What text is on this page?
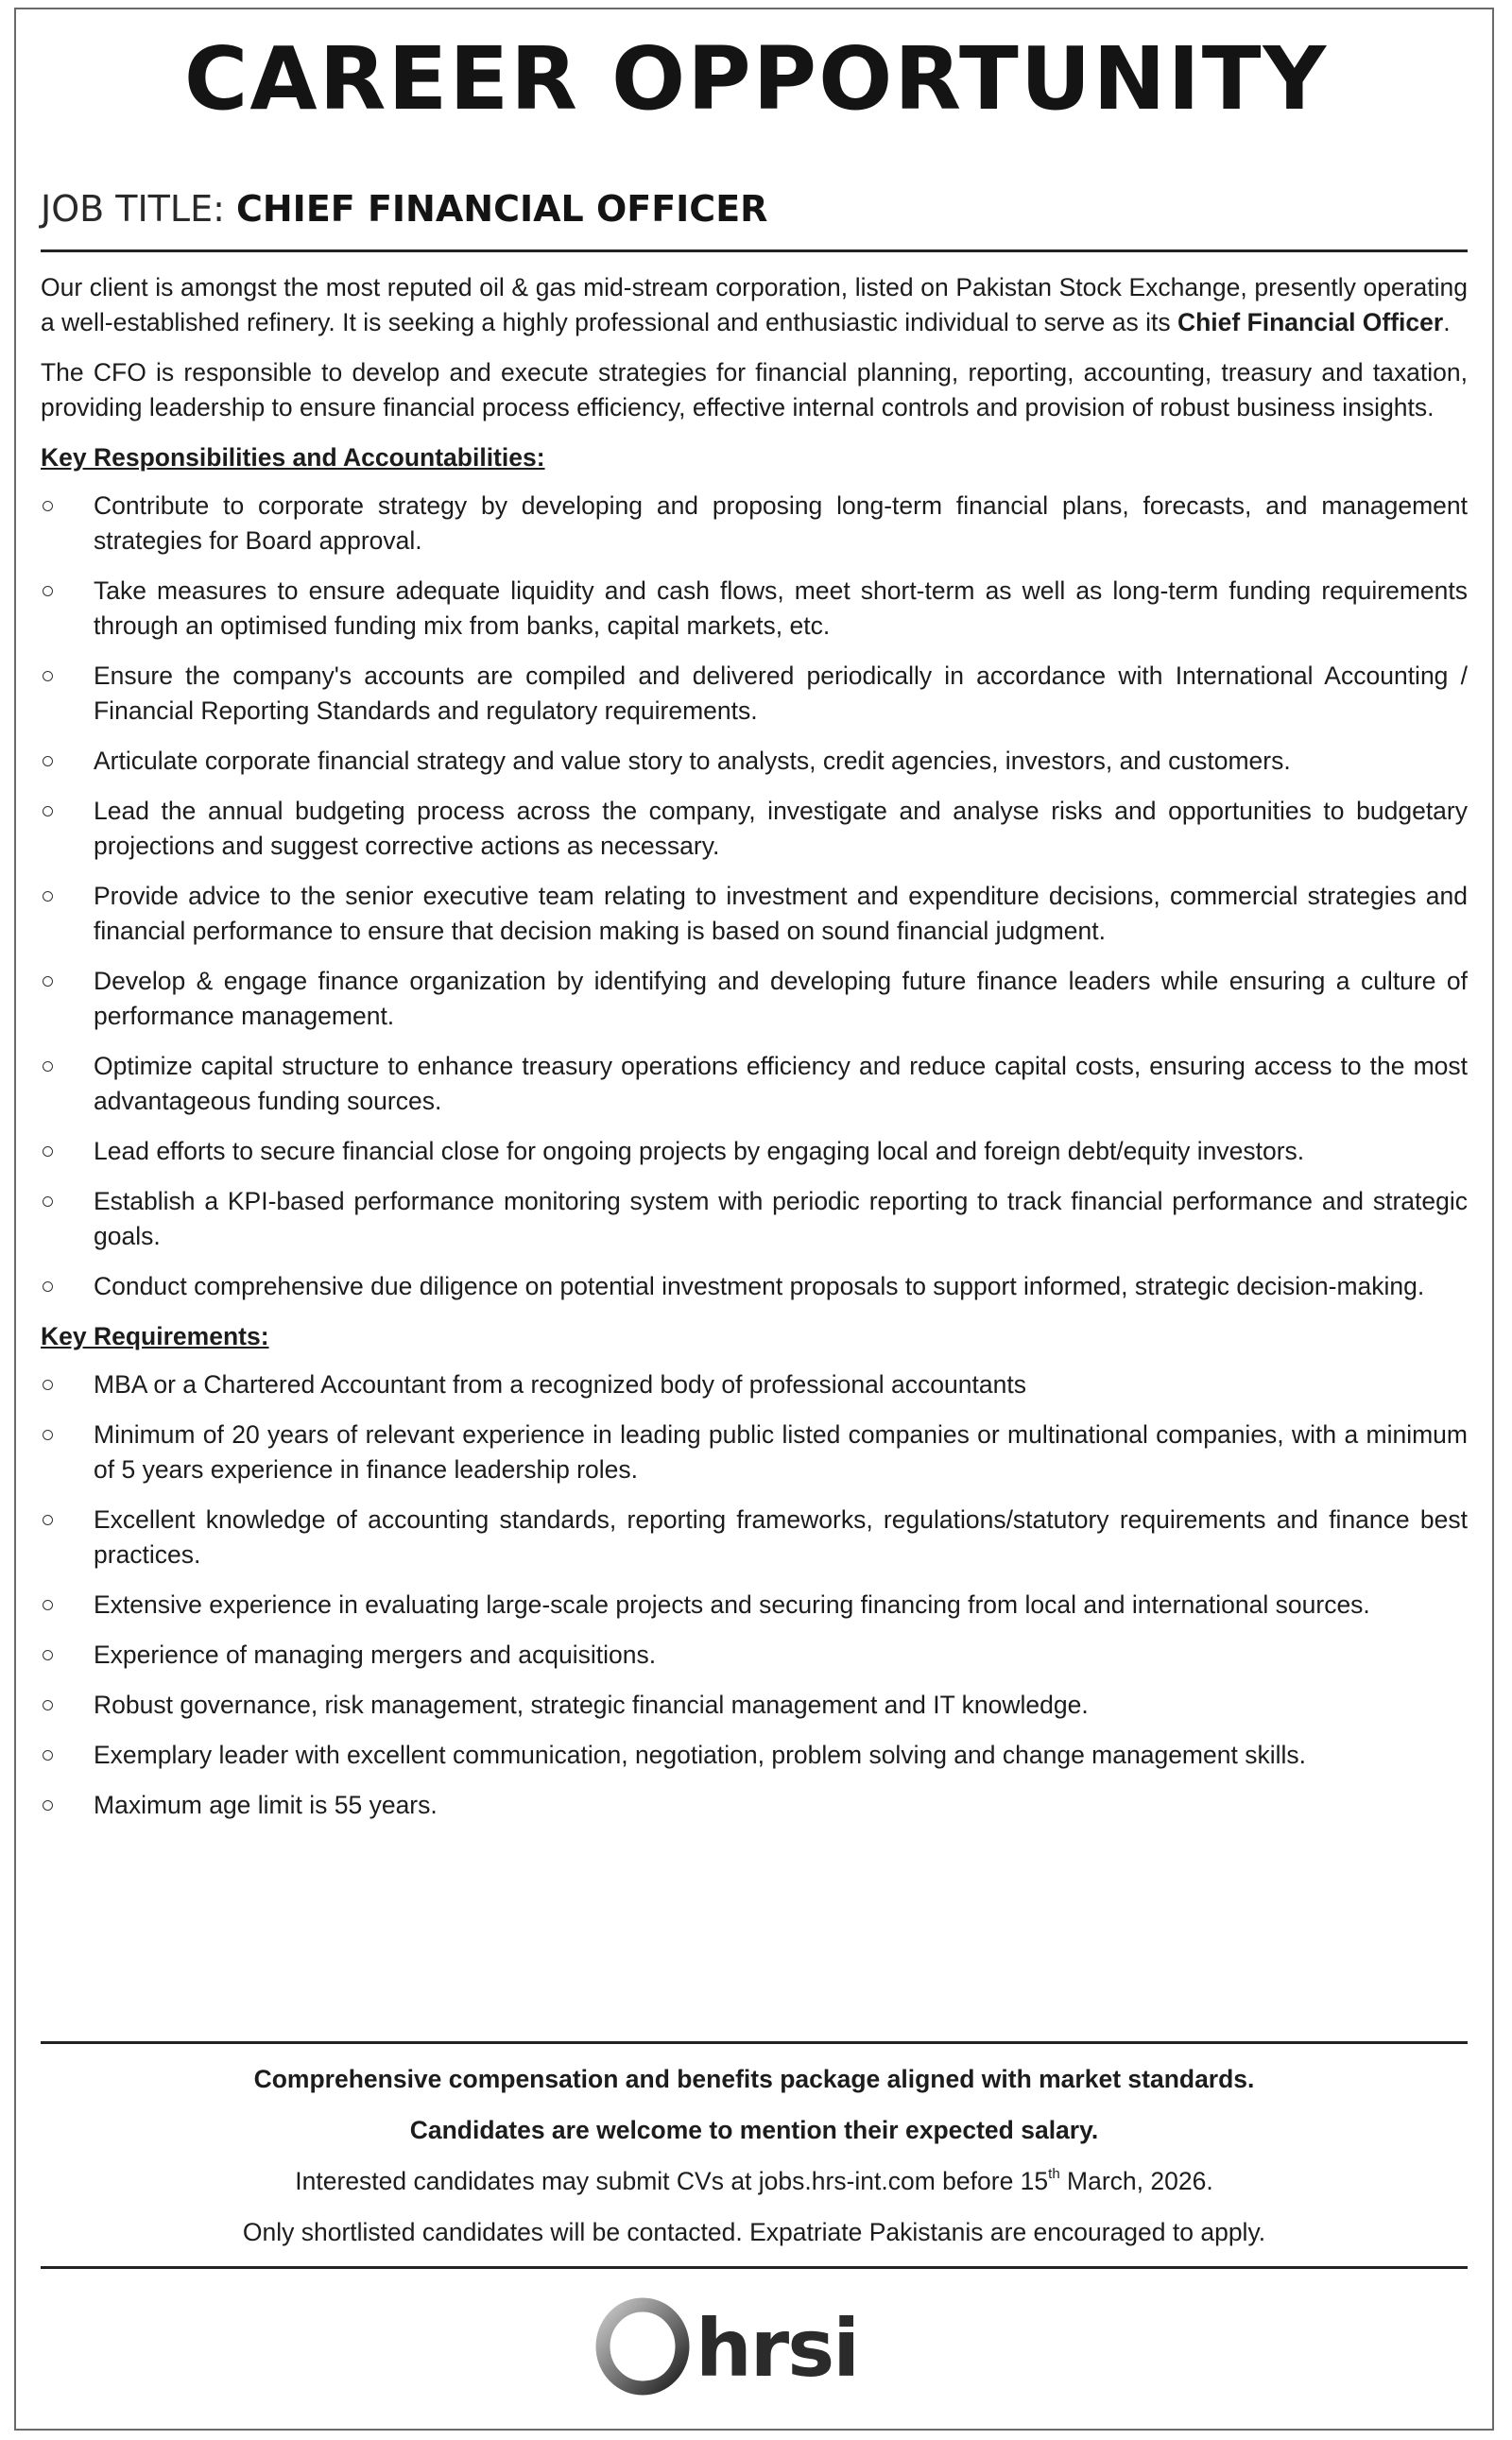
CAREER OPPORTUNITY
JOB TITLE: CHIEF FINANCIAL OFFICER

Our client is amongst the most reputed oil & gas mid-stream corporation, listed on Pakistan Stock Exchange, presently operating a well-established refinery. It is seeking a highly professional and enthusiastic individual to serve as its Chief Financial Officer.

The CFO is responsible to develop and execute strategies for financial planning, reporting, accounting, treasury and taxation, providing leadership to ensure financial process efficiency, effective internal controls and provision of robust business insights.

Key Responsibilities and Accountabilities:
Contribute to corporate strategy by developing and proposing long-term financial plans, forecasts, and management strategies for Board approval.
Take measures to ensure adequate liquidity and cash flows, meet short-term as well as long-term funding requirements through an optimised funding mix from banks, capital markets, etc.
Ensure the company's accounts are compiled and delivered periodically in accordance with International Accounting / Financial Reporting Standards and regulatory requirements.
Articulate corporate financial strategy and value story to analysts, credit agencies, investors, and customers.
Lead the annual budgeting process across the company, investigate and analyse risks and opportunities to budgetary projections and suggest corrective actions as necessary.
Provide advice to the senior executive team relating to investment and expenditure decisions, commercial strategies and financial performance to ensure that decision making is based on sound financial judgment.
Develop & engage finance organization by identifying and developing future finance leaders while ensuring a culture of performance management.
Optimize capital structure to enhance treasury operations efficiency and reduce capital costs, ensuring access to the most advantageous funding sources.
Lead efforts to secure financial close for ongoing projects by engaging local and foreign debt/equity investors.
Establish a KPI-based performance monitoring system with periodic reporting to track financial performance and strategic goals.
Conduct comprehensive due diligence on potential investment proposals to support informed, strategic decision-making.
Key Requirements:
MBA or a Chartered Accountant from a recognized body of professional accountants
Minimum of 20 years of relevant experience in leading public listed companies or multinational companies, with a minimum of 5 years experience in finance leadership roles.
Excellent knowledge of accounting standards, reporting frameworks, regulations/statutory requirements and finance best practices.
Extensive experience in evaluating large-scale projects and securing financing from local and international sources.
Experience of managing mergers and acquisitions.
Robust governance, risk management, strategic financial management and IT knowledge.
Exemplary leader with excellent communication, negotiation, problem solving and change management skills.
Maximum age limit is 55 years.
Comprehensive compensation and benefits package aligned with market standards.
Candidates are welcome to mention their expected salary.
Interested candidates may submit CVs at jobs.hrs-int.com before 15th March, 2026.
Only shortlisted candidates will be contacted. Expatriate Pakistanis are encouraged to apply.
hrsi
